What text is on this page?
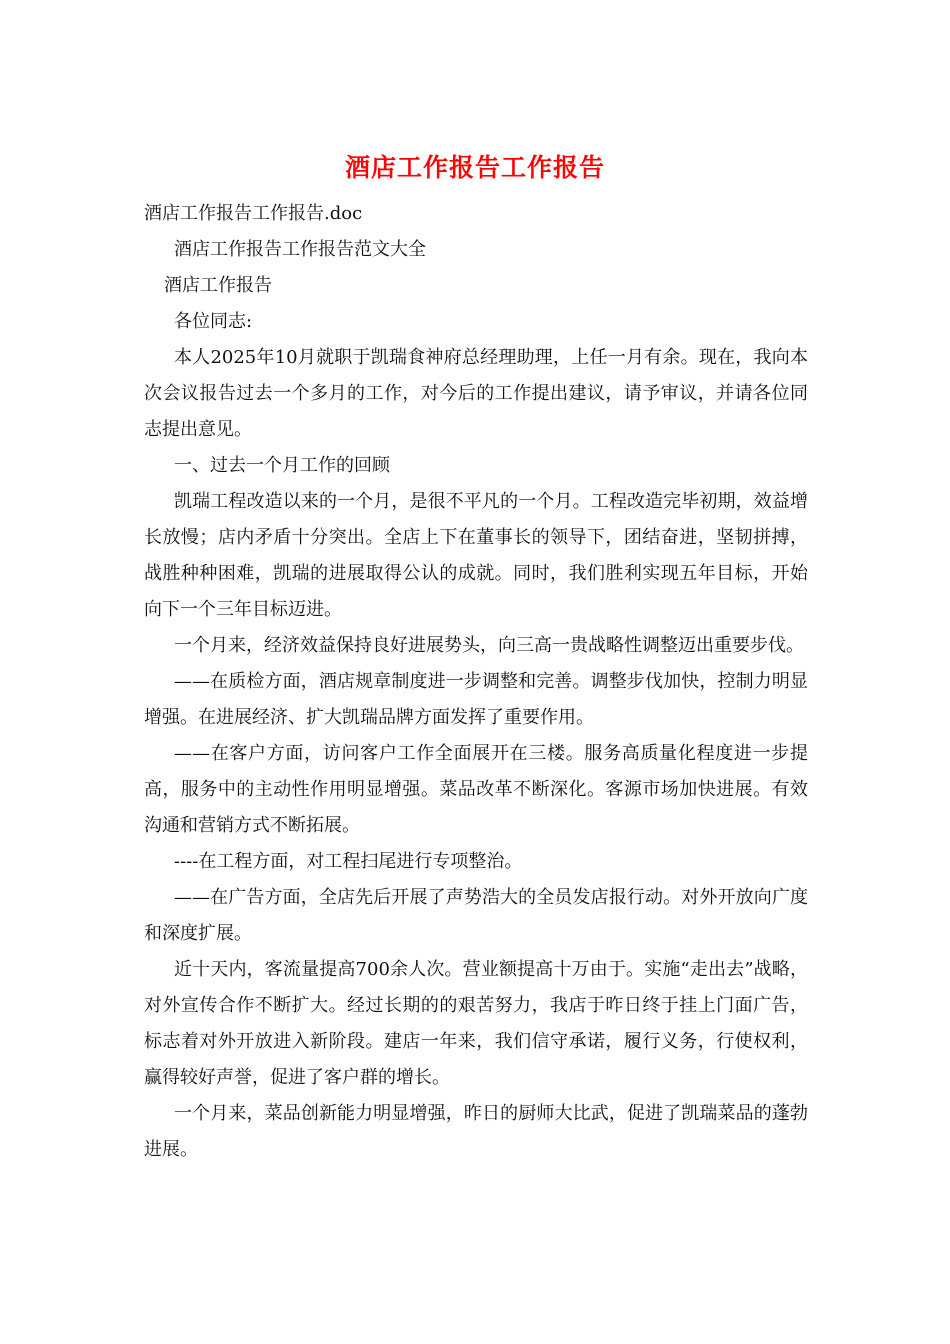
酒店工作报告工作报告

酒店工作报告工作报告.doc

酒店工作报告工作报告范文大全

酒店工作报告

各位同志:

本人2025年10月就职于凯瑞食神府总经理助理，上任一月有余。现在，我向本次会议报告过去一个多月的工作，对今后的工作提出建议，请予审议，并请各位同志提出意见。

一、过去一个月工作的回顾

凯瑞工程改造以来的一个月，是很不平凡的一个月。工程改造完毕初期，效益增长放慢；店内矛盾十分突出。全店上下在董事长的领导下，团结奋进，坚韧拼搏，战胜种种困难，凯瑞的进展取得公认的成就。同时，我们胜利实现五年目标，开始向下一个三年目标迈进。

一个月来，经济效益保持良好进展势头，向三高一贵战略性调整迈出重要步伐。

——在质检方面，酒店规章制度进一步调整和完善。调整步伐加快，控制力明显增强。在进展经济、扩大凯瑞品牌方面发挥了重要作用。

——在客户方面，访问客户工作全面展开在三楼。服务高质量化程度进一步提高，服务中的主动性作用明显增强。菜品改革不断深化。客源市场加快进展。有效沟通和营销方式不断拓展。

----在工程方面，对工程扫尾进行专项整治。

——在广告方面，全店先后开展了声势浩大的全员发店报行动。对外开放向广度和深度扩展。

近十天内，客流量提高700余人次。营业额提高十万由于。实施“走出去”战略，对外宣传合作不断扩大。经过长期的的艰苦努力，我店于昨日终于挂上门面广告，标志着对外开放进入新阶段。建店一年来，我们信守承诺，履行义务，行使权利，赢得较好声誉，促进了客户群的增长。

一个月来，菜品创新能力明显增强，昨日的厨师大比武，促进了凯瑞菜品的蓬勃进展。
